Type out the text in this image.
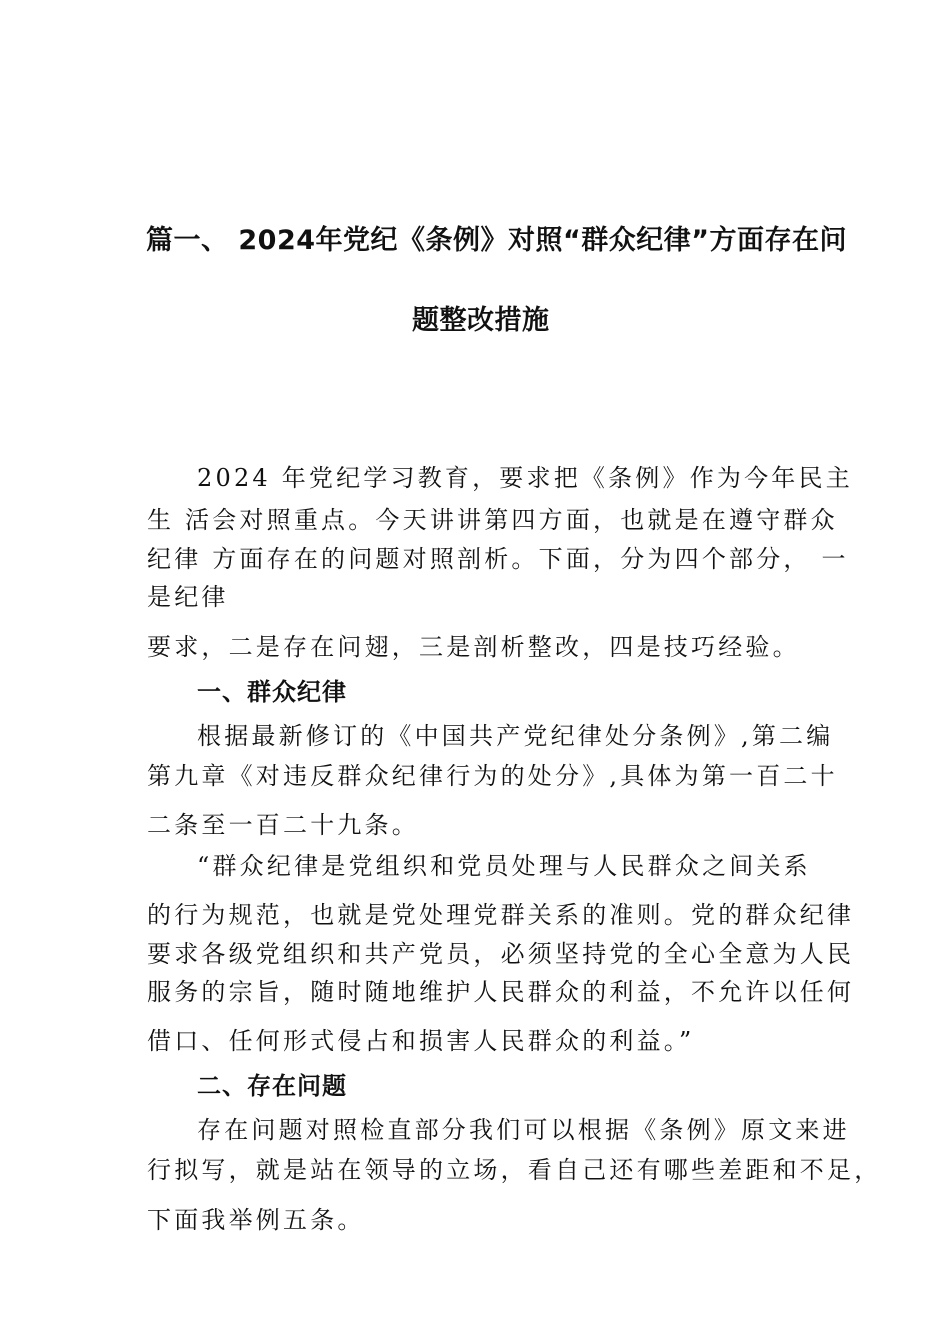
篇一、 2024年党纪《条例》对照“群众纪律”方面存在问
题整改措施
2024 年党纪学习教育，要求把《条例》作为今年民主
生 活会对照重点。今天讲讲第四方面，也就是在遵守群众
纪律 方面存在的问题对照剖析。下面，分为四个部分， 一
是纪律
要求，二是存在问翅，三是剖析整改，四是技巧经验。
一、群众纪律
根据最新修订的《中国共产党纪律处分条例》,第二编
第九章《对违反群众纪律行为的处分》,具体为第一百二十
二条至一百二十九条。
“群众纪律是党组织和党员处理与人民群众之间关系
的行为规范，也就是党处理党群关系的准则。党的群众纪律
要求各级党组织和共产党员，必须坚持党的全心全意为人民
服务的宗旨，随时随地维护人民群众的利益，不允许以任何
借口、任何形式侵占和损害人民群众的利益。”
二、存在问题
存在问题对照检直部分我们可以根据《条例》原文来进
行拟写，就是站在领导的立场，看自己还有哪些差距和不足，
下面我举例五条。
